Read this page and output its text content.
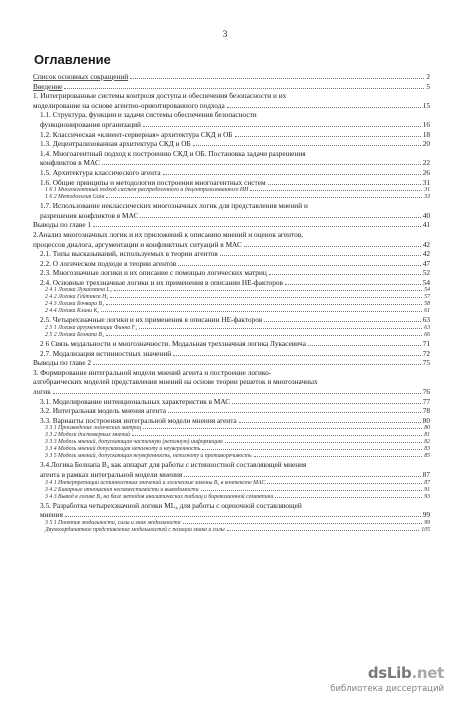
3
Оглавление
Список основных сокращений	2
Введение	5
1. Интегрированные системы контроля доступа и обеспечения безопасности и их
моделирование на основе агентно-ориентированного подхода	15
1.1. Структура, функции и задачи системы обеспечения безопасности
функционирования организаций	16
1.2. Классическая «клиент-серверная» архитектура СКД и ОБ	18
1.3. Децентрализованная архитектура СКД и ОБ	20
1.4. Многоагентный подход к построению СКД и ОБ. Постановка задачи разрешения
конфликтов в МАС	22
1.5. Архитектура классического агента	26
1.6. Общие принципы и методология построения многоагентных систем	31
1 6 1 Многоагентный подход систем распределенного и децентрализованного ИИ	31
1 6 2 Методология Gaia	33
1.7. Использование неклассических многозначных логик для представления мнений и
разрешения конфликтов в МАС	40
Выводы по главе 1	41
2.Анализ многозначных логик и их приложений к описанию мнений и оценок агентов,
процессов диалога, аргументации и конфликтных ситуаций в МАС	42
2.1. Типы высказываний, используемых в теории агентов	42
2.2. О логическом подходе в теории агентов	47
2.3. Многозначные логики и их описание с помощью логических матриц	52
2.4. Основные трехзначные логики и их применения в описании НЕ-факторов	54
2 4 1 Логика Лукасевича L₃	54
2 4 2 Логика Гейтинга H₃	57
2 4 3 Логика Бочвара B₃	58
2 4 4 Логика Клини K₃	61
2.5. Четырехзначные логики и их применения в описании НЕ-факторов	63
2 5 1 Логика аргументации Финна F₄	63
2 5 2 Логика Белнапа B₄	66
2 6 Связь модальности и многозначности. Модальная трехзначная логика Лукасевича	71
2.7. Модализация истинностных значений	72
Выводы по главе 2	75
3. Формирование интегральной модели мнений агента и построение логико-
алгебраических моделей представления мнений на основе теории решеток и многозначных
логик	76
3.1. Моделирование интенциональных характеристик в МАС	77
3.2. Интегральная модель мнения агента	78
3.3. Варианты построения интегральной модели мнения агента	80
3 3 1 Произведение логических матриц	80
3 3 2 Модели достоверных мнений	81
3 3 3 Модель мнений, допускающая частичную (неполную) информацию	82
3 3 4 Модель мнений допускающая неполноту и неуверенность	83
3 3 5 Модель мнений, допускающая неуверенность, неполноту и противоречивость	85
3.4.Логика Белнапа B₄ как аппарат для работы с истинностной составляющей мнения
агента в рамках интегральной модели мнения	87
3 4 1 Интерпретации истинностных значений и логические законы B₄ в контексте МАС	87
3 4 2 Бинарные отношения несовместимости и выводимости	91
3 4 3 Вывод в логике B₄ на базе методов аналитических таблиц и биревизионной семантики	93
3.5. Разработка четырехзначной логики ML₄ для работы с оценочной составляющей
мнения	99
3 5 1 Понятие модальности, силы и знак модальности	99
Двухкоординатное представление модальностей с позиции знака и силы	105
dsLib.net
библиотека диссертаций
